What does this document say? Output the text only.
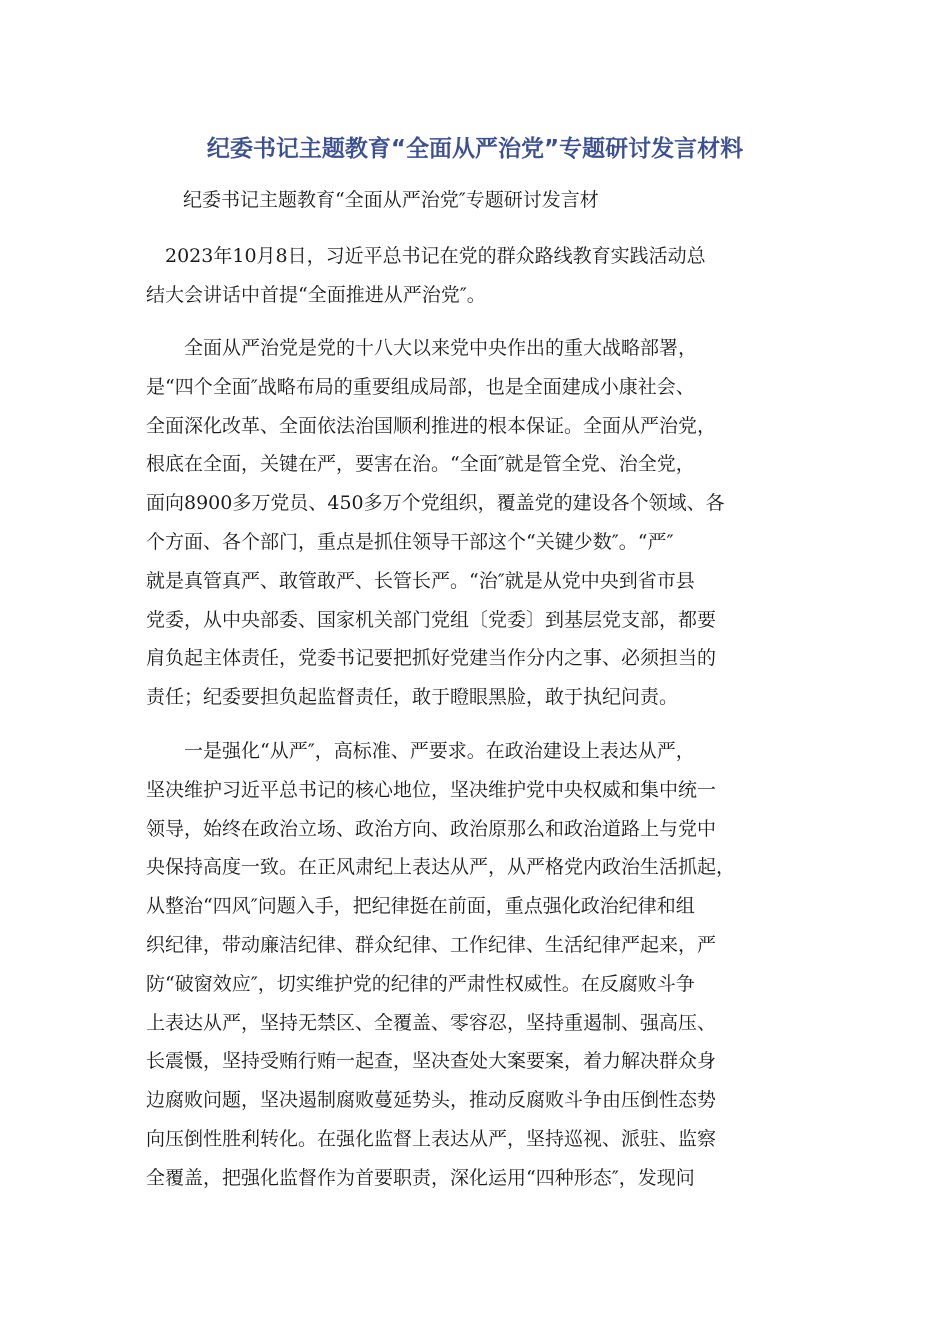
纪委书记主题教育“全面从严治党”专题研讨发言材料
纪委书记主题教育“全面从严治党″专题研讨发言材
　2023年10月8日，习近平总书记在党的群众路线教育实践活动总
结大会讲话中首提“全面推进从严治党″。
　　全面从严治党是党的十八大以来党中央作出的重大战略部署，
是“四个全面″战略布局的重要组成局部，也是全面建成小康社会、
全面深化改革、全面依法治国顺利推进的根本保证。全面从严治党，
根底在全面，关键在严，要害在治。“全面″就是管全党、治全党，
面向8900多万党员、450多万个党组织，覆盖党的建设各个领域、各
个方面、各个部门，重点是抓住领导干部这个“关键少数″。“严″
就是真管真严、敢管敢严、长管长严。“治″就是从党中央到省市县
党委，从中央部委、国家机关部门党组〔党委〕到基层党支部，都要
肩负起主体责任，党委书记要把抓好党建当作分内之事、必须担当的
责任；纪委要担负起监督责任，敢于瞪眼黑脸，敢于执纪问责。
　　一是强化“从严″，高标准、严要求。在政治建设上表达从严，
坚决维护习近平总书记的核心地位，坚决维护党中央权威和集中统一
领导，始终在政治立场、政治方向、政治原那么和政治道路上与党中
央保持高度一致。在正风肃纪上表达从严，从严格党内政治生活抓起，
从整治“四风″问题入手，把纪律挺在前面，重点强化政治纪律和组
织纪律，带动廉洁纪律、群众纪律、工作纪律、生活纪律严起来，严
防“破窗效应″，切实维护党的纪律的严肃性权威性。在反腐败斗争
上表达从严，坚持无禁区、全覆盖、零容忍，坚持重遏制、强高压、
长震慑，坚持受贿行贿一起查，坚决查处大案要案，着力解决群众身
边腐败问题，坚决遏制腐败蔓延势头，推动反腐败斗争由压倒性态势
向压倒性胜利转化。在强化监督上表达从严，坚持巡视、派驻、监察
全覆盖，把强化监督作为首要职责，深化运用“四种形态″，发现问
